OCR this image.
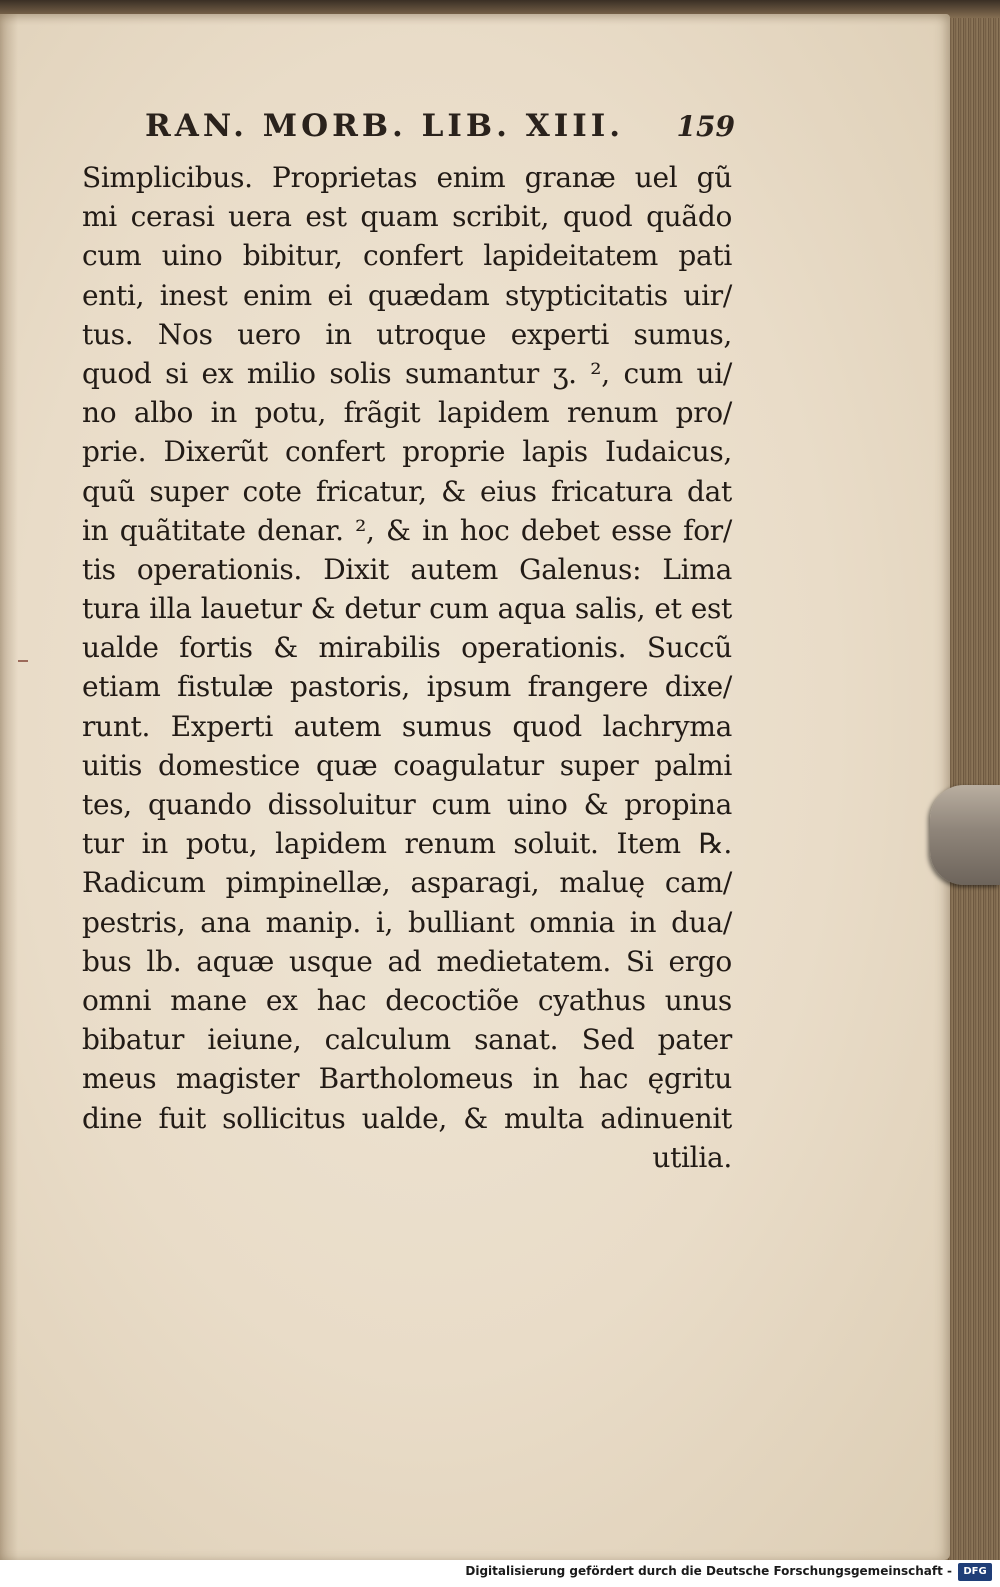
RAN. MORB. LIB. XIII. 159
Simplicibus. Proprietas enim granæ uel gũ
mi cerasi uera est quam scribit, quod quãdo
cum uino bibitur, confert lapideitatem pati
enti, inest enim ei quædam stypticitatis uir/
tus. Nos uero in utroque experti sumus,
quod si ex milio solis sumantur ʒ. ², cum ui/
no albo in potu, frãgit lapidem renum pro/
prie. Dixerũt confert proprie lapis Iudaicus,
quũ super cote fricatur, & eius fricatura dat
in quãtitate denar. ², & in hoc debet esse for/
tis operationis. Dixit autem Galenus: Lima
tura illa lauetur & detur cum aqua salis, et est
ualde fortis & mirabilis operationis. Succũ
etiam fistulæ pastoris, ipsum frangere dixe/
runt. Experti autem sumus quod lachryma
uitis domestice quæ coagulatur super palmi
tes, quando dissoluitur cum uino & propina
tur in potu, lapidem renum soluit. Item ℞.
Radicum pimpinellæ, asparagi, maluę cam/
pestris, ana manip. i, bulliant omnia in dua/
bus lb. aquæ usque ad medietatem. Si ergo
omni mane ex hac decoctiõe cyathus unus
bibatur ieiune, calculum sanat. Sed pater
meus magister Bartholomeus in hac ęgritu
dine fuit sollicitus ualde, & multa adinuenit
utilia.
Digitalisierung gefördert durch die Deutsche Forschungsgemeinschaft -	DFG
